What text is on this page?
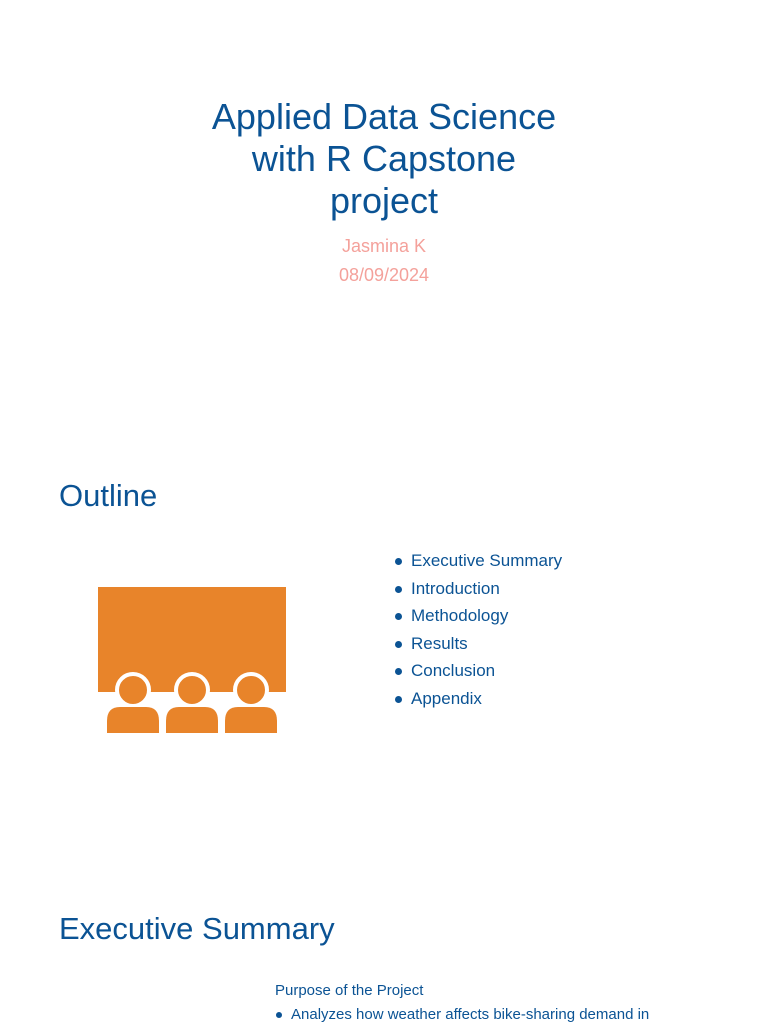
Applied Data Science
with R Capstone
project
Jasmina K
08/09/2024
Outline
Executive Summary
Introduction
Methodology
Results
Conclusion
Appendix
Executive Summary
Purpose of the Project
Analyzes how weather affects bike-sharing demand in
